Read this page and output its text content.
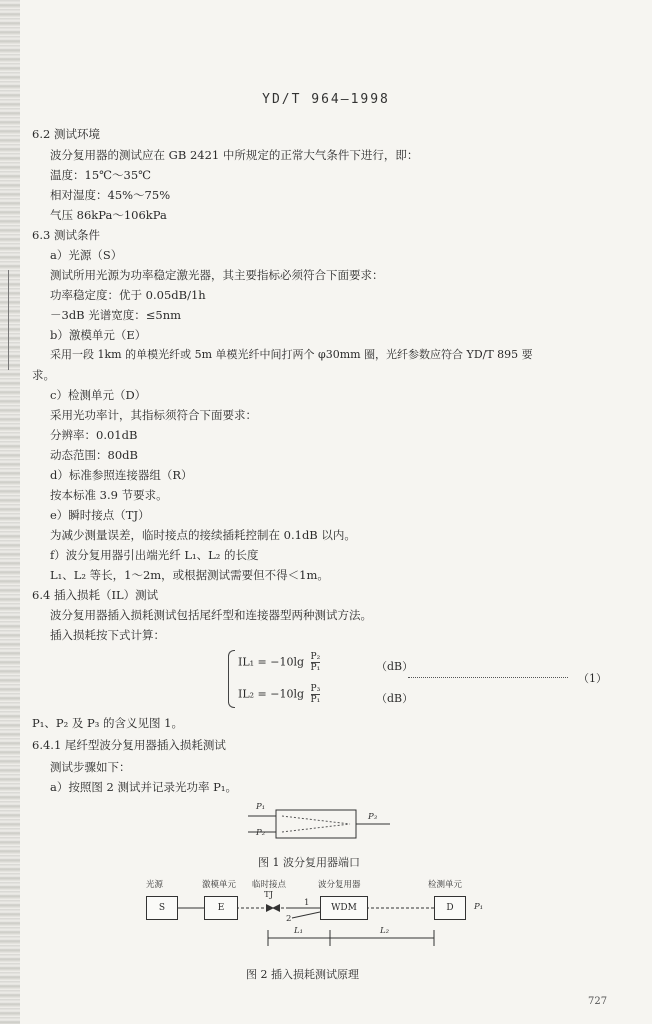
YD/T 964—1998
6.2 测试环境
波分复用器的测试应在 GB 2421 中所规定的正常大气条件下进行，即：
温度：15℃～35℃
相对湿度：45%～75%
气压 86kPa～106kPa
6.3 测试条件
a）光源（S）
测试所用光源为功率稳定激光器，其主要指标必须符合下面要求：
功率稳定度：优于 0.05dB/1h
－3dB 光谱宽度：≤5nm
b）激模单元（E）
采用一段 1km 的单模光纤或 5m 单模光纤中间打两个 φ30mm 圈，光纤参数应符合 YD/T 895 要
求。
c）检测单元（D）
采用光功率计，其指标须符合下面要求：
分辨率：0.01dB
动态范围：80dB
d）标准参照连接器组（R）
按本标准 3.9 节要求。
e）瞬时接点（TJ）
为减少测量误差，临时接点的接续插耗控制在 0.1dB 以内。
f）波分复用器引出端光纤 L₁、L₂ 的长度
L₁、L₂ 等长，1～2m，或根据测试需要但不得＜1m。
6.4 插入损耗（IL）测试
波分复用器插入损耗测试包括尾纤型和连接器型两种测试方法。
插入损耗按下式计算：
$IL_1 = -10\lg \frac{\text{P₂}}{\text{P₁}}$	（dB）
$IL_2 = -10\lg \frac{\text{P₃}}{\text{P₁}}$	（dB）
（1）
P₁、P₂ 及 P₃ 的含义见图 1。
6.4.1 尾纤型波分复用器插入损耗测试
测试步骤如下：
a）按照图 2 测试并记录光功率 P₁。
P₁
P₂
P₃
图 1 波分复用器端口
光源	激模单元 临时接点
TJ
波分复用器	检测单元
S	E	WDM	D
1
2
L₁	L₂
P₁
图 2 插入损耗测试原理
727
